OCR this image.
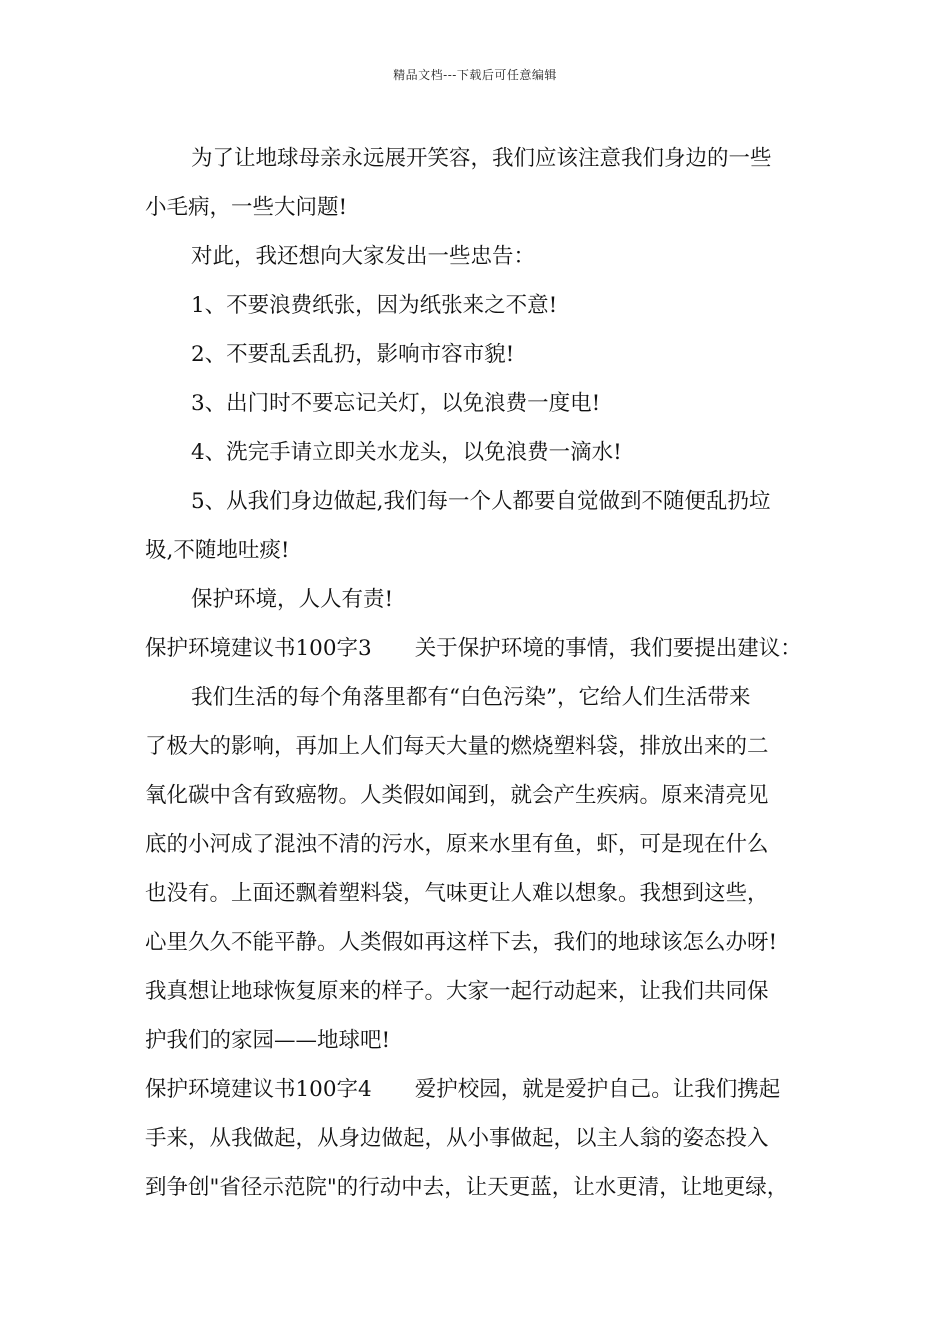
精品文档---下载后可任意编辑

为了让地球母亲永远展开笑容，我们应该注意我们身边的一些

小毛病，一些大问题!

对此，我还想向大家发出一些忠告：

1、不要浪费纸张，因为纸张来之不意!

2、不要乱丢乱扔，影响市容市貌!

3、出门时不要忘记关灯，以免浪费一度电!

4、洗完手请立即关水龙头，以免浪费一滴水!

5、从我们身边做起,我们每一个人都要自觉做到不随便乱扔垃

圾,不随地吐痰!

保护环境，人人有责!

保护环境建议书100字3　　关于保护环境的事情，我们要提出建议：

我们生活的每个角落里都有“白色污染”，它给人们生活带来

了极大的影响，再加上人们每天大量的燃烧塑料袋，排放出来的二

氧化碳中含有致癌物。人类假如闻到，就会产生疾病。原来清亮见

底的小河成了混浊不清的污水，原来水里有鱼，虾，可是现在什么

也没有。上面还飘着塑料袋，气味更让人难以想象。我想到这些，

心里久久不能平静。人类假如再这样下去，我们的地球该怎么办呀!

我真想让地球恢复原来的样子。大家一起行动起来，让我们共同保

护我们的家园——地球吧!

保护环境建议书100字4　　爱护校园，就是爱护自己。让我们携起

手来，从我做起，从身边做起，从小事做起，以主人翁的姿态投入

到争创"省径示范院"的行动中去，让天更蓝，让水更清，让地更绿，
